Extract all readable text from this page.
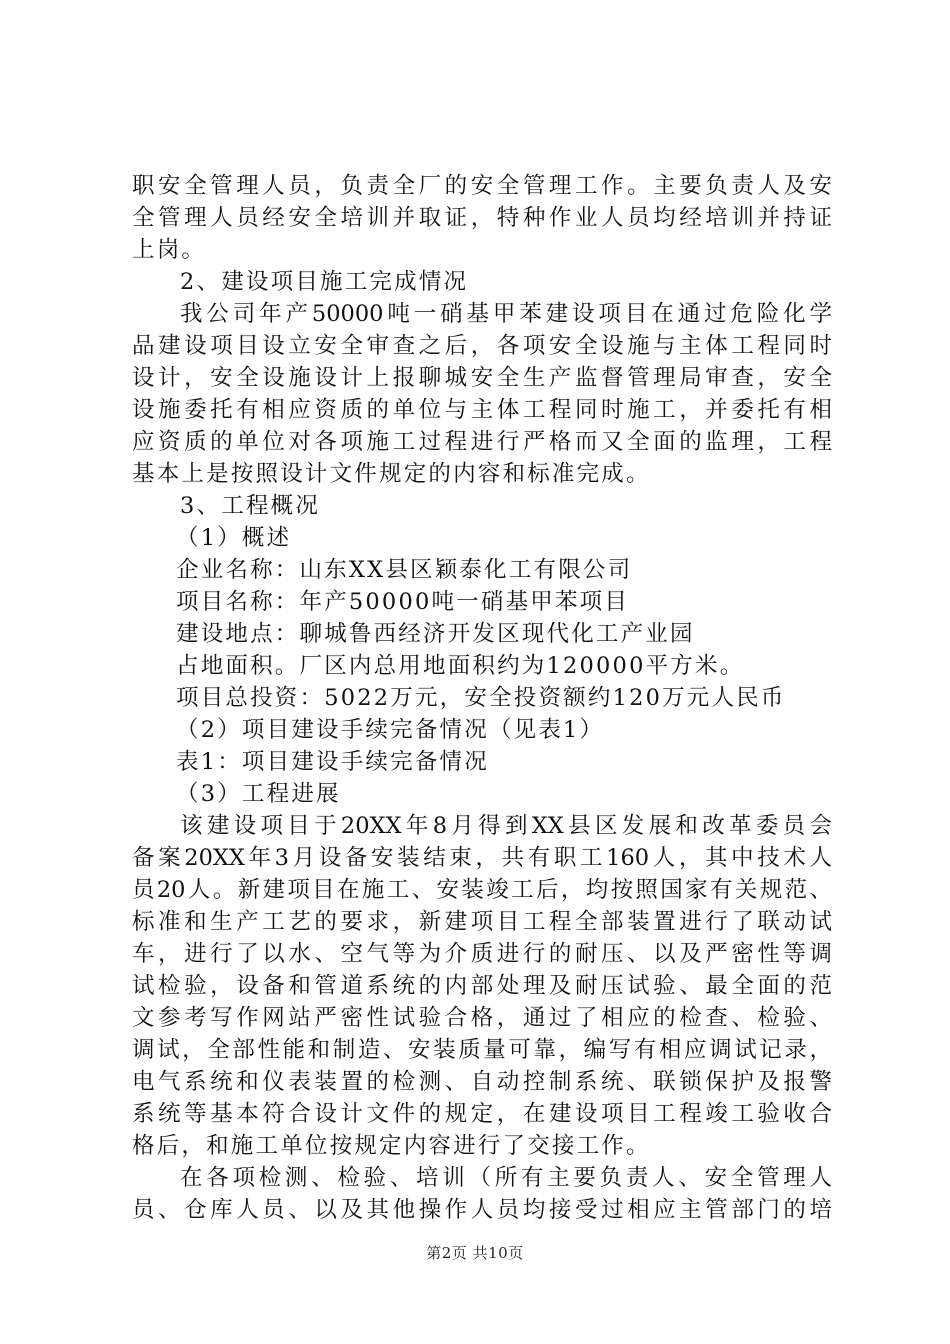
职安全管理人员，负责全厂的安全管理工作。主要负责人及安
全管理人员经安全培训并取证，特种作业人员均经培训并持证
上岗。
2、建设项目施工完成情况
我公司年产50000吨一硝基甲苯建设项目在通过危险化学
品建设项目设立安全审查之后，各项安全设施与主体工程同时
设计，安全设施设计上报聊城安全生产监督管理局审查，安全
设施委托有相应资质的单位与主体工程同时施工，并委托有相
应资质的单位对各项施工过程进行严格而又全面的监理，工程
基本上是按照设计文件规定的内容和标准完成。
3、工程概况
（1）概述
企业名称：山东XX县区颖泰化工有限公司
项目名称：年产50000吨一硝基甲苯项目
建设地点：聊城鲁西经济开发区现代化工产业园
占地面积。厂区内总用地面积约为120000平方米。
项目总投资：5022万元，安全投资额约120万元人民币
（2）项目建设手续完备情况（见表1）
表1：项目建设手续完备情况
（3）工程进展
该建设项目于20XX年8月得到XX县区发展和改革委员会
备案20XX年3月设备安装结束，共有职工160人，其中技术人
员20人。新建项目在施工、安装竣工后，均按照国家有关规范、
标准和生产工艺的要求，新建项目工程全部装置进行了联动试
车，进行了以水、空气等为介质进行的耐压、以及严密性等调
试检验，设备和管道系统的内部处理及耐压试验、最全面的范
文参考写作网站严密性试验合格，通过了相应的检查、检验、
调试，全部性能和制造、安装质量可靠，编写有相应调试记录，
电气系统和仪表装置的检测、自动控制系统、联锁保护及报警
系统等基本符合设计文件的规定，在建设项目工程竣工验收合
格后，和施工单位按规定内容进行了交接工作。
在各项检测、检验、培训（所有主要负责人、安全管理人
员、仓库人员、以及其他操作人员均接受过相应主管部门的培
第2页 共10页
